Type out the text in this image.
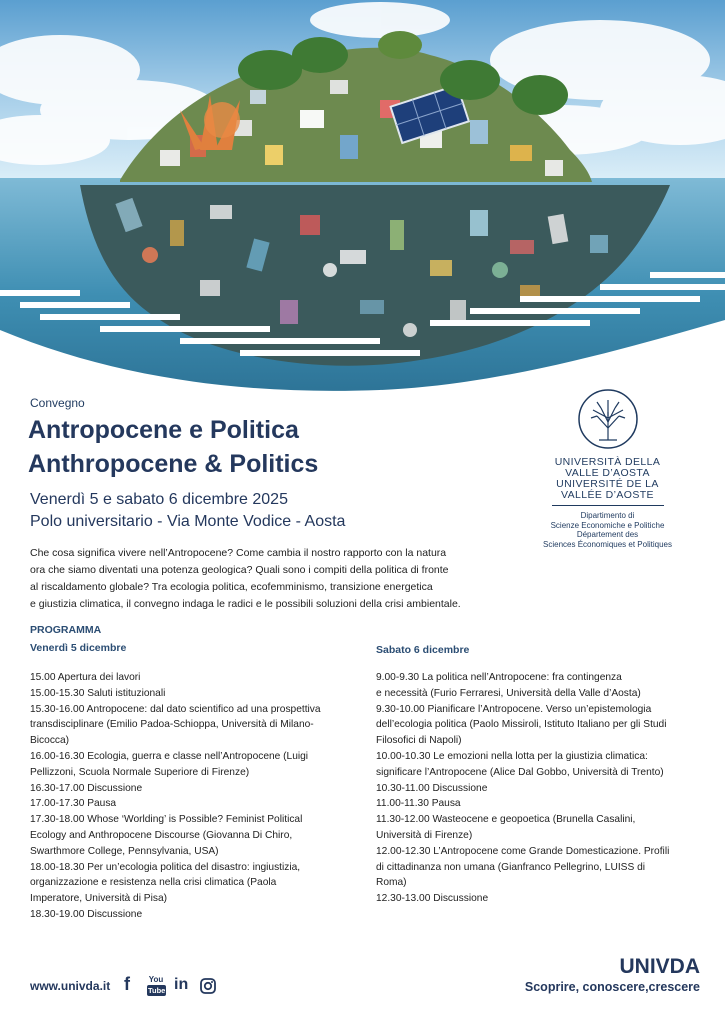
Convegno
Antropocene e Politica
Anthropocene & Politics
Venerdì 5 e sabato 6 dicembre 2025
Polo universitario - Via Monte Vodice - Aosta
UNIVERSITÀ DELLA
VALLE D’AOSTA
UNIVERSITÉ DE LA
VALLÉE D’AOSTE
Dipartimento di
Scienze Economiche e Politiche
Département des
Sciences Économiques et Politiques
Che cosa significa vivere nell’Antropocene? Come cambia il nostro rapporto con la natura
ora che siamo diventati una potenza geologica? Quali sono i compiti della politica di fronte
al riscaldamento globale? Tra ecologia politica, ecofemminismo, transizione energetica
e giustizia climatica, il convegno indaga le radici e le possibili soluzioni della crisi ambientale.
PROGRAMMA
Venerdì 5 dicembre	Sabato 6 dicembre

15.00 Apertura dei lavori

15.00-15.30 Saluti istituzionali

15.30-16.00 Antropocene: dal dato scientifico ad una prospettiva

transdisciplinare (Emilio Padoa-Schioppa, Università di Milano-

Bicocca)

16.00-16.30 Ecologia, guerra e classe nell’Antropocene (Luigi

Pellizzoni, Scuola Normale Superiore di Firenze)

16.30-17.00 Discussione

17.00-17.30 Pausa

17.30-18.00 Whose ‘Worlding’ is Possible? Feminist Political

Ecology and Anthropocene Discourse (Giovanna Di Chiro,

Swarthmore College, Pennsylvania, USA)

18.00-18.30 Per un’ecologia politica del disastro: ingiustizia,

organizzazione e resistenza nella crisi climatica (Paola

Imperatore, Università di Pisa)

18.30-19.00 Discussione

9.00-9.30 La politica nell’Antropocene: fra contingenza

e necessità (Furio Ferraresi, Università della Valle d’Aosta)

9.30-10.00 Pianificare l’Antropocene. Verso un’epistemologia

dell’ecologia politica (Paolo Missiroli, Istituto Italiano per gli Studi

Filosofici di Napoli)

10.00-10.30 Le emozioni nella lotta per la giustizia climatica:

significare l’Antropocene (Alice Dal Gobbo, Università di Trento)

10.30-11.00 Discussione

11.00-11.30 Pausa

11.30-12.00 Wasteocene e geopoetica (Brunella Casalini,

Università di Firenze)

12.00-12.30 L’Antropocene come Grande Domesticazione. Profili

di cittadinanza non umana (Gianfranco Pellegrino, LUISS di

Roma)

12.30-13.00 Discussione

www.univda.it f You
Tube in
UNIVDA
Scoprire, conoscere,crescere
